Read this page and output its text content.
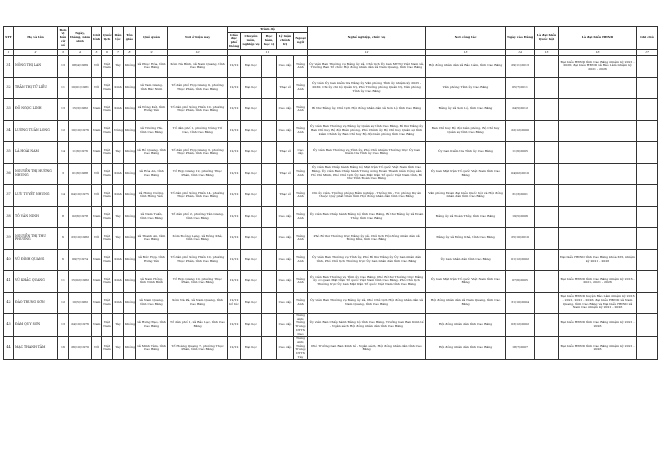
STT	Họ và tên	Đơn vị bầu cử số	Ngày, tháng, năm sinh	Giới tính	Quốc tịch	Dân tộc	Tôn giáo	Quê quán	Nơi ở hiện nay	Trình độ					Nghề nghiệp, chức vụ	Nơi công tác	Ngày vào Đảng	Là đại biểu Quốc hội	Là đại biểu HĐND	Ghi chú	
										Giáo dục phổ thông	Chuyên môn, nghiệp vụ	Học hàm, học vị	Lý luận chính trị	Ngoại ngữ							
1	2	3	4	5	6	7	8	9	10	11					12	13	14	15	16	17				
31	NÔNG THỊ LAN	13	08/4/1989	Nữ	Việt Nam	Tày	Không	xã Phục Hòa, tỉnh Cao Bằng	Xóm Nà Bính, xã Nam Quang, tỉnh Cao Bằng	12/12	Đại học		Cao cấp	Tiếng Anh	Ủy viên Ban Thường vụ Đảng ủy xã, Chủ tịch Ủy ban MTTQ Việt Nam xã, Trưởng Ban Tổ chức Hội đồng nhân dân xã Nam Quang, tỉnh Cao Bằng	Hội đồng nhân dân xã Bảo Lâm, tỉnh Cao Bằng	29/11/2013		Đại biểu HĐND tỉnh Cao Bằng nhiệm kỳ 2021 - 2026; đại biểu HĐND xã Bảo Lâm nhiệm kỳ 2021 - 2026		
32	TRẦN THỊ TỬ LIỄU	11	10/01/1981	Nữ	Việt Nam	Kinh	Không	xã Tam Giang, tỉnh Bắc Ninh	Tổ dân phố Hợp Giang 9, phường Thục Phán, tỉnh Cao Bằng	12/12	Đại học		Thạc sĩ	Tiếng Anh	Ủy viên Ủy ban kiểm tra Đảng ủy Văn phòng Tỉnh ủy nhiệm kỳ 2025 - 2030; Chi ủy chi bộ Quản trị, Phó Trưởng phòng Quản trị, Văn phòng Tỉnh ủy Cao Bằng	Văn phòng Tỉnh ủy Cao Bằng	05/7/2011				
33	ĐỖ NGỌC LINH	13	15/3/1982	Nam	Việt Nam	Kinh	Không	xã Đông Kết, tỉnh Hưng Yên	Tổ dân phố Sông Hiến 10, phường Thục Phán, tỉnh Cao Bằng	12/12	Đại học		Cao cấp	Tiếng Anh	Bí thư Đảng ủy, Chủ tịch Hội đồng nhân dân xã Sơn Lộ tỉnh Cao Bằng	Đảng ủy xã Sơn Lộ, tỉnh Cao Bằng	24/5/2012				
34	LƯƠNG TUẤN LONG	12	10/10/1976	Nam	Việt Nam	Nùng	Không	xã Trường Hà, tỉnh Cao Bằng	Tổ dân phố 1, phường Nùng Trí Cao, tỉnh Cao Bằng	12/12	Đại học		Cao cấp	Tiếng Anh	Ủy viên Ban Thường vụ Đảng ủy Quân sự tỉnh Cao Bằng, Bí thư Đảng ủy Ban Chỉ huy Bộ đội Biên phòng, Phó Chính ủy Bộ Chỉ huy Quân sự tỉnh kiêm Chính ủy Ban Chỉ huy Bộ đội biên phòng tỉnh Cao Bằng	Ban Chỉ huy Bộ đội biên phòng, Bộ Chỉ huy Quân sự tỉnh Cao Bằng	22/12/2000				
35	LÃ HOÀI NAM	14	11/6/1976	Nam	Việt Nam	Tày	Không	xã Hồ Quang, tỉnh Cao Bằng	Tổ dân phố Hợp Giang 3, phường Thục Phán, tỉnh Cao Bằng	12/12	Đại học		Thạc sĩ	Cao cấp	Ủy viên Ban Thường vụ Tỉnh ủy, Phó Chủ nhiệm Thường trực Ủy ban Kiểm tra Tỉnh ủy Cao Bằng	Ủy ban Kiểm tra Tỉnh ủy Cao Bằng	11/6/2005				
36	NGUYỄN THỊ HƯƠNG NHUNG	3	01/6/1988	Nữ	Việt Nam	Kinh	Không	xã Hòa An, tỉnh Cao Bằng	Tổ Hợp Giang 12, phường Thục Phán, tỉnh Cao Bằng	12/12	Đại học		Thạc sĩ	Tiếng Anh	Ủy viên Ban Chấp hành Đảng bộ Mặt trận Tổ quốc Việt Nam tỉnh Cao Bằng, Ủy viên Ban Chấp hành Trung ương Đoàn Thanh niên Cộng sản Hồ Chí Minh, Phó Chủ tịch Ủy ban Mặt trận Tổ quốc Việt Nam tỉnh, Bí thư Tỉnh Đoàn Cao Bằng	Ủy ban Mặt trận Tổ quốc Việt Nam tỉnh Cao Bằng	04/02/2010				
37	LƯU TUYẾT NHUNG	14	04/10/1975	Nữ	Việt Nam	Kinh	Không	xã Hưng Cường, tỉnh Hưng Yên	Tổ dân phố Sông Hiến 14, phường Thục Phán, tỉnh Cao Bằng	12/12	Đại học		Thạc sĩ	Tiếng Anh	Chi ủy viên, Trưởng phòng Đảm nghiệp - Thống tin - Tư; phòng Dự án thuộc Quỹ phát triển tỉnh Hội đồng nhân dân tỉnh Cao Bằng	Văn phòng Đoàn đại biểu Quốc hội và Hội đồng nhân dân tỉnh Cao Bằng	31/3/2001				
38	TÔ VĂN NINH	8	02/6/1978	Nam	Việt Nam	Tày	Không	xã Nam Tuấn, tỉnh Cao Bằng	Tổ dân phố 2, phường Tân Giang, tỉnh Cao Bằng	12/12	Đại học		Cao cấp	Tiếng Anh	Ủy viên Ban Chấp hành Đảng bộ tỉnh Cao Bằng, Bí thư Đảng ủy xã Đoàn Thủy, tỉnh Cao Bằng	Đảng ủy xã Đoàn Thủy, tỉnh Cao Bằng	19/5/2006				
39	NGUYỄN THỊ THU PHƯƠNG	6	23/10/1982	Nữ	Việt Nam	Tày	Không	xã Thanh An, tỉnh Cao Bằng	Xóm Đoỏng Lẹng, xã Đông Khê, tỉnh Cao Bằng	12/12	Đại học		Cao cấp	Tiếng Anh	Phó Bí thư Thường trực Đảng ủy xã, Chủ tịch Hội đồng nhân dân xã Đông Khê, tỉnh Cao Bằng	Đảng ủy xã Đông Khê, tỉnh Cao Bằng	25/10/2010				
40	VŨ ĐÌNH QUANG	6	09/7/1974	Nam	Việt Nam	Kinh	Không	xã Đức Hợp, tỉnh Hưng Yên	Tổ dân phố Sông Hiến 10, phường Thục Phán, tỉnh Cao Bằng	12/12	Đại học		Cao cấp	Tiếng Anh	Ủy viên Ban Thường vụ Tỉnh ủy, Phó Bí thư Đảng ủy Ủy ban nhân dân tỉnh, Phó Chủ tịch Thường trực Ủy ban nhân dân tỉnh Cao Bằng	Ủy ban nhân dân tỉnh Cao Bằng	01/12/2002		Đại biểu HĐND tỉnh Cao Bằng khóa XVI, nhiệm kỳ 2021 - 2026		
41	VŨ KHẮC QUANG	11	15/02/1982	Nam	Việt Nam	Kinh	Không	xã Nam Hồng, tỉnh Ninh Bình	Tổ Hợp Giang 10, phường Thục Phán, tỉnh Cao Bằng	12/12	Đại học		Cao cấp	Tiếng Anh	Ủy viên Ban Thường vụ Tỉnh ủy Cao Bằng; Phó Bí thư Thường trực Đảng ủy cơ quan Mặt trận Tổ quốc Việt Nam tỉnh Cao Bằng, Phó Chủ tịch Thường trực Ủy ban Mặt trận Tổ quốc Việt Nam tỉnh Cao Bằng	Ủy ban Mặt trận Tổ quốc Việt Nam tỉnh Cao Bằng	07/6/2005		Đại biểu HĐND tỉnh Cao Bằng nhiệm kỳ 2016 - 2021, 2021 - 2026		
42	ĐÀO TRUNG SƠN	12	10/5/1982	Nam	Việt Nam	Kinh	Không	xã Nam Quang, tỉnh Cao Bằng	Xóm Nà Pá, xã Nam Quang, tỉnh Cao Bằng	12/12 bổ túc	Đại học		Cao cấp	Tiếng Anh	Ủy viên Ban Thường vụ Đảng ủy xã, Phó Chủ tịch Hội đồng nhân dân xã Nam Quang, tỉnh Cao Bằng	Hội đồng nhân dân xã Nam Quang, tỉnh Cao Bằng	31/10/2004		Đại biểu HĐND huyện Bảo Lâm nhiệm kỳ 2016 - 2021, 2021 - 2026; đại biểu HĐND xã Nam Quang, tỉnh Cao Bằng và Đại biểu HĐND xã Nam Cao nhiệm kỳ 2021 - 2026		
43	ĐÀM QUY SƠN	13	24/10/1976	Nam	Việt Nam	Tày	Không	xã Hưng Đạo, tỉnh Cao Bằng	Tổ dân phố 1, xã Bảo Lạc, tỉnh Cao Bằng	12/12	Đại học		Cao cấp	Tiếng Anh; Tiếng Trung; DTTS Dao	Ủy viên Ban Chấp hành Đảng bộ tỉnh Cao Bằng, Trưởng ban Ban Kinh tế - Ngân sách Hội đồng nhân dân tỉnh Cao Bằng	Hội đồng nhân dân tỉnh Cao Bằng	03/12/2002		Đại biểu HĐND tỉnh Cao Bằng nhiệm kỳ 2021 - 2026		
44	MẠC THANH TÂM	16	26/10/1970	Nữ	Việt Nam	Tày	Không	xã Minh Tâm, tỉnh Cao Bằng	Tổ Hoàng Quang 7, phường Thục Phán, tỉnh Cao Bằng	12/12	Đại học		Cao cấp	Tiếng Anh; Tiếng Trung; DTTS Tày	Phó Trưởng ban Ban Kinh tế - Ngân sách, Hội đồng nhân dân tỉnh Cao Bằng	Hội đồng nhân dân tỉnh Cao Bằng	18/7/2007		Đại biểu HĐND tỉnh Cao Bằng nhiệm kỳ 2021 - 2026		
